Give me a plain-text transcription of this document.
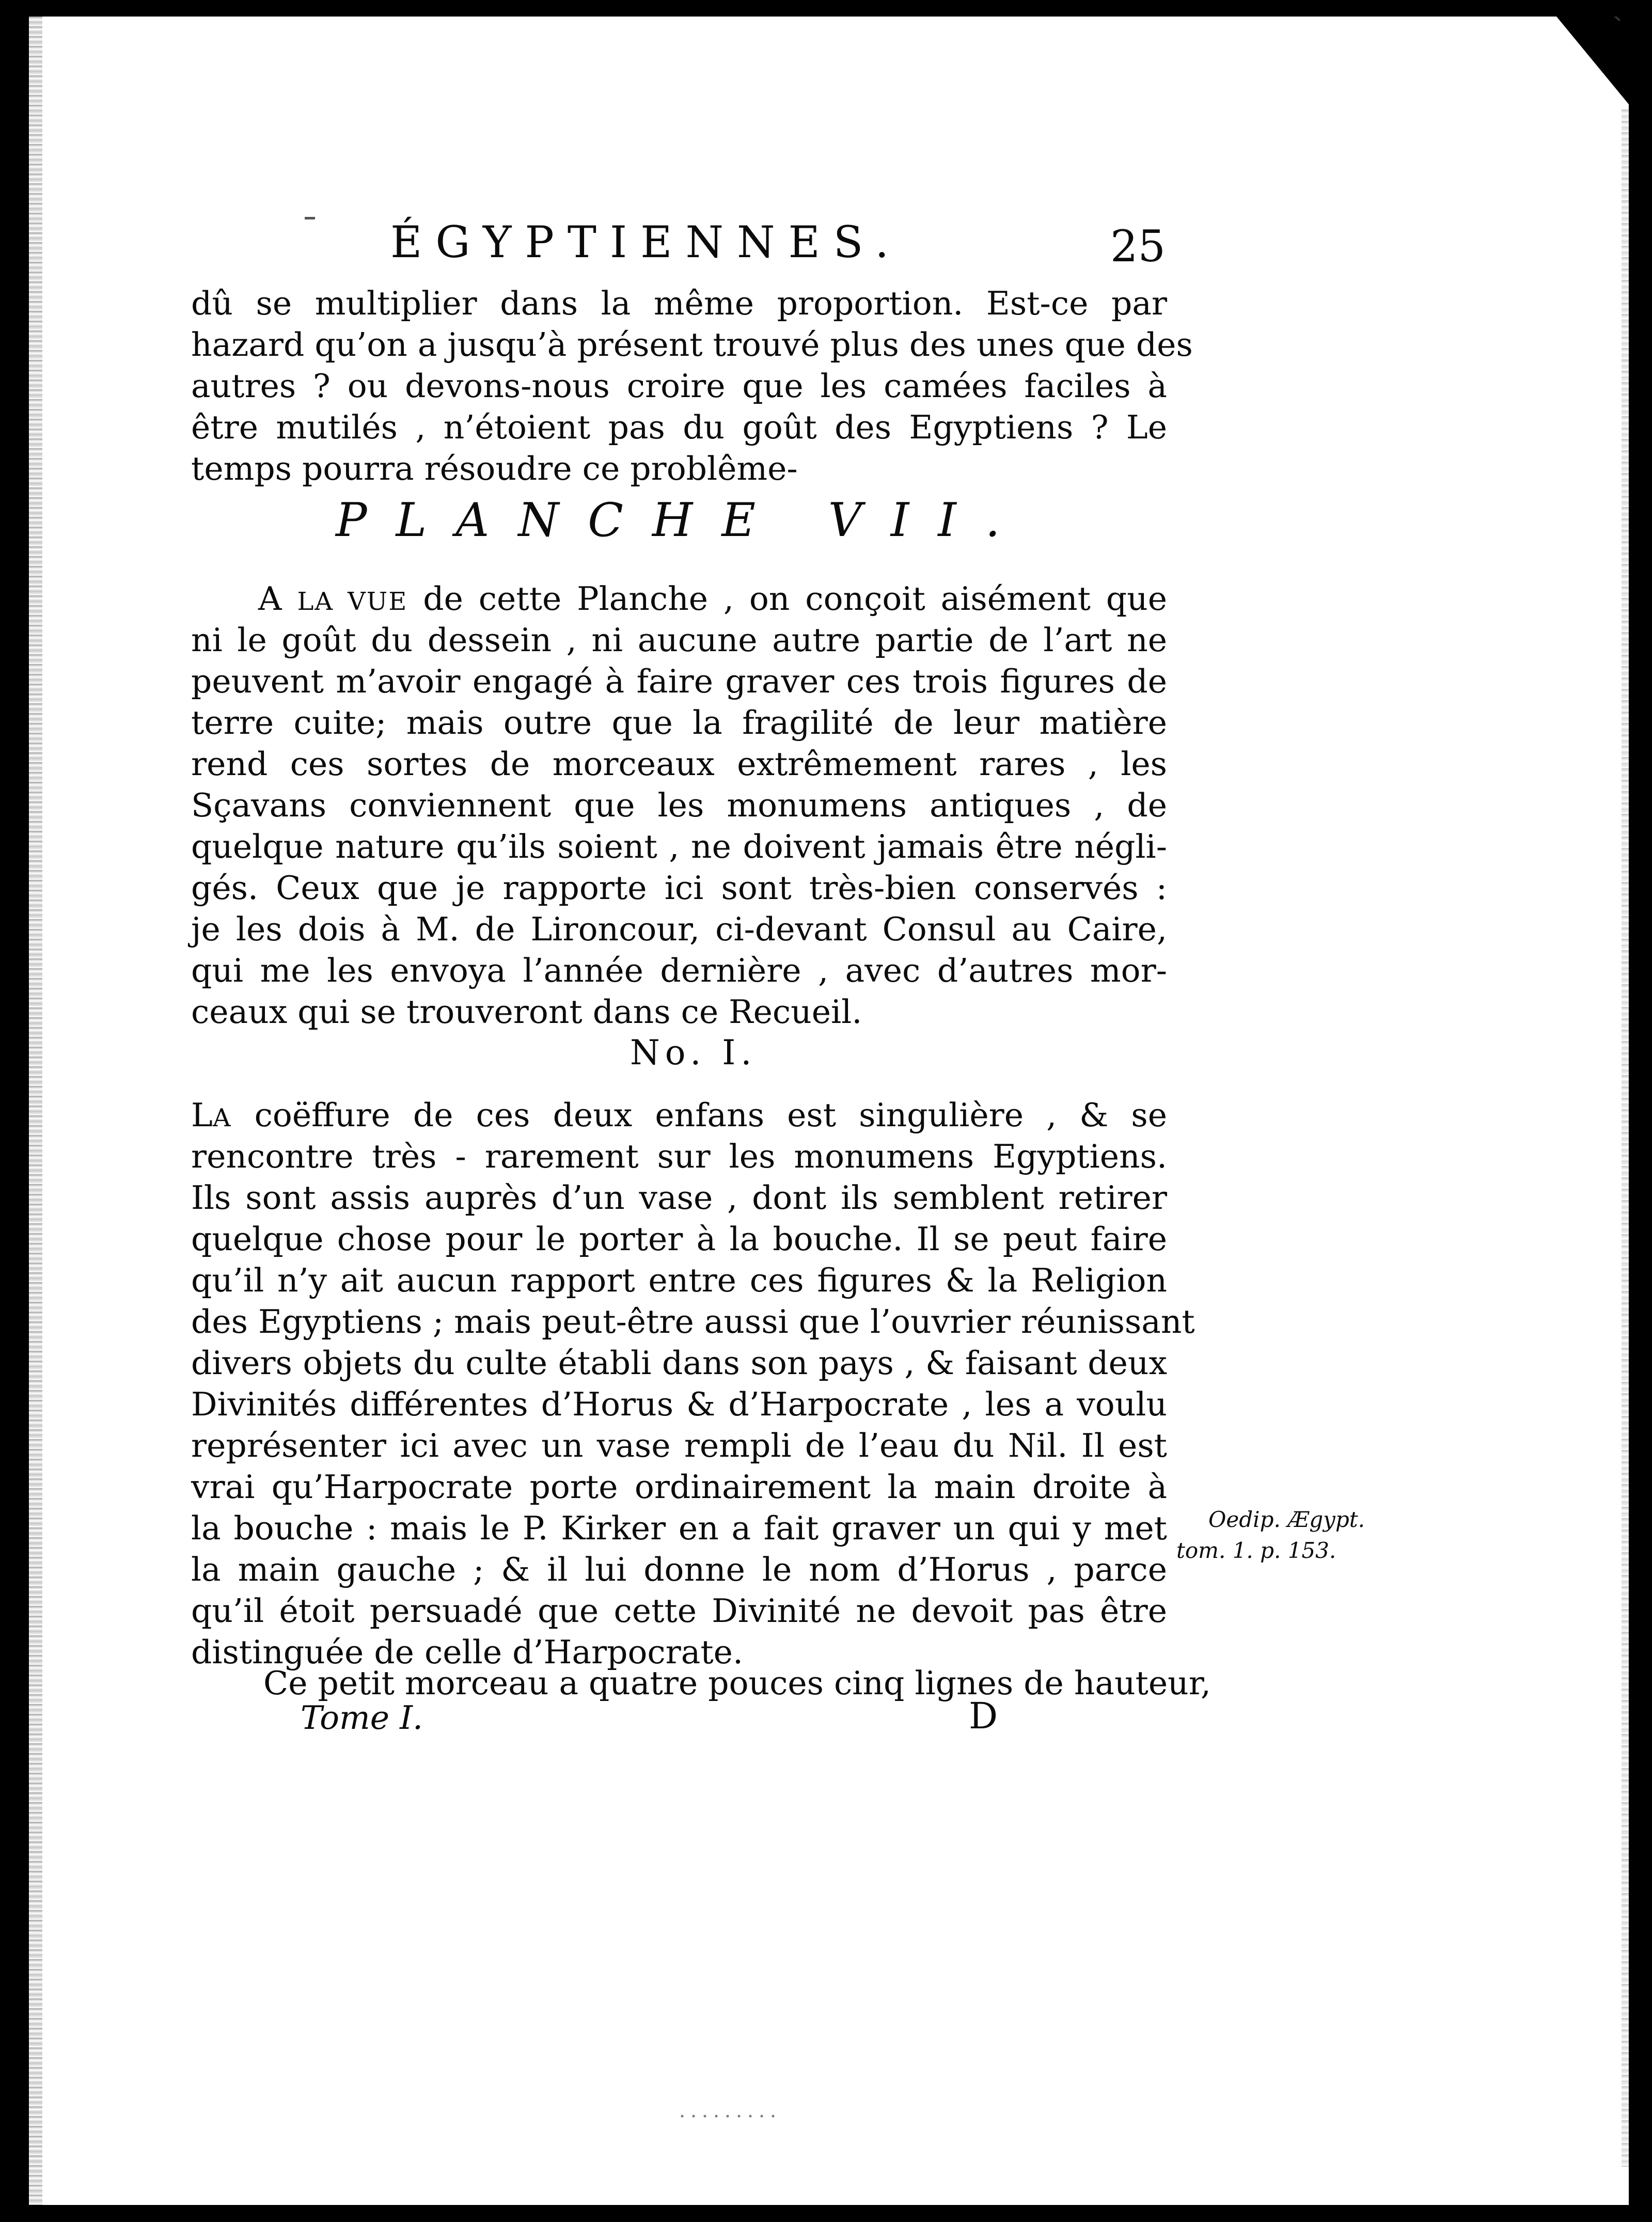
ÉGYPTIENNES.	25
dû se multiplier dans la même proportion. Est-ce par
hazard qu’on a jusqu’à présent trouvé plus des unes que des
autres ? ou devons-nous croire que les camées faciles à
être mutilés , n’étoient pas du goût des Egyptiens ? Le
temps pourra résoudre ce problême-
PLANCHE VII.
A LA VUE de cette Planche , on conçoit aisément que
ni le goût du dessein , ni aucune autre partie de l’art ne
peuvent m’avoir engagé à faire graver ces trois figures de
terre cuite; mais outre que la fragilité de leur matière
rend ces sortes de morceaux extrêmement rares , les
Sçavans conviennent que les monumens antiques , de
quelque nature qu’ils soient , ne doivent jamais être négli-
gés. Ceux que je rapporte ici sont très-bien conservés :
je les dois à M. de Lironcour, ci-devant Consul au Caire,
qui me les envoya l’année dernière , avec d’autres mor-
ceaux qui se trouveront dans ce Recueil.
No. I.
LA coëffure de ces deux enfans est singulière , & se
rencontre très - rarement sur les monumens Egyptiens.
Ils sont assis auprès d’un vase , dont ils semblent retirer
quelque chose pour le porter à la bouche. Il se peut faire
qu’il n’y ait aucun rapport entre ces figures & la Religion
des Egyptiens ; mais peut-être aussi que l’ouvrier réunissant
divers objets du culte établi dans son pays , & faisant deux
Divinités différentes d’Horus & d’Harpocrate , les a voulu
représenter ici avec un vase rempli de l’eau du Nil. Il est
vrai qu’Harpocrate porte ordinairement la main droite à
la bouche : mais le P. Kirker en a fait graver un qui y met
la main gauche ; & il lui donne le nom d’Horus , parce
qu’il étoit persuadé que cette Divinité ne devoit pas être
distinguée de celle d’Harpocrate.
Ce petit morceau a quatre pouces cinq lignes de hauteur,
Oedip. Ægypt.
tom. 1. p. 153.
Tome I.	D
